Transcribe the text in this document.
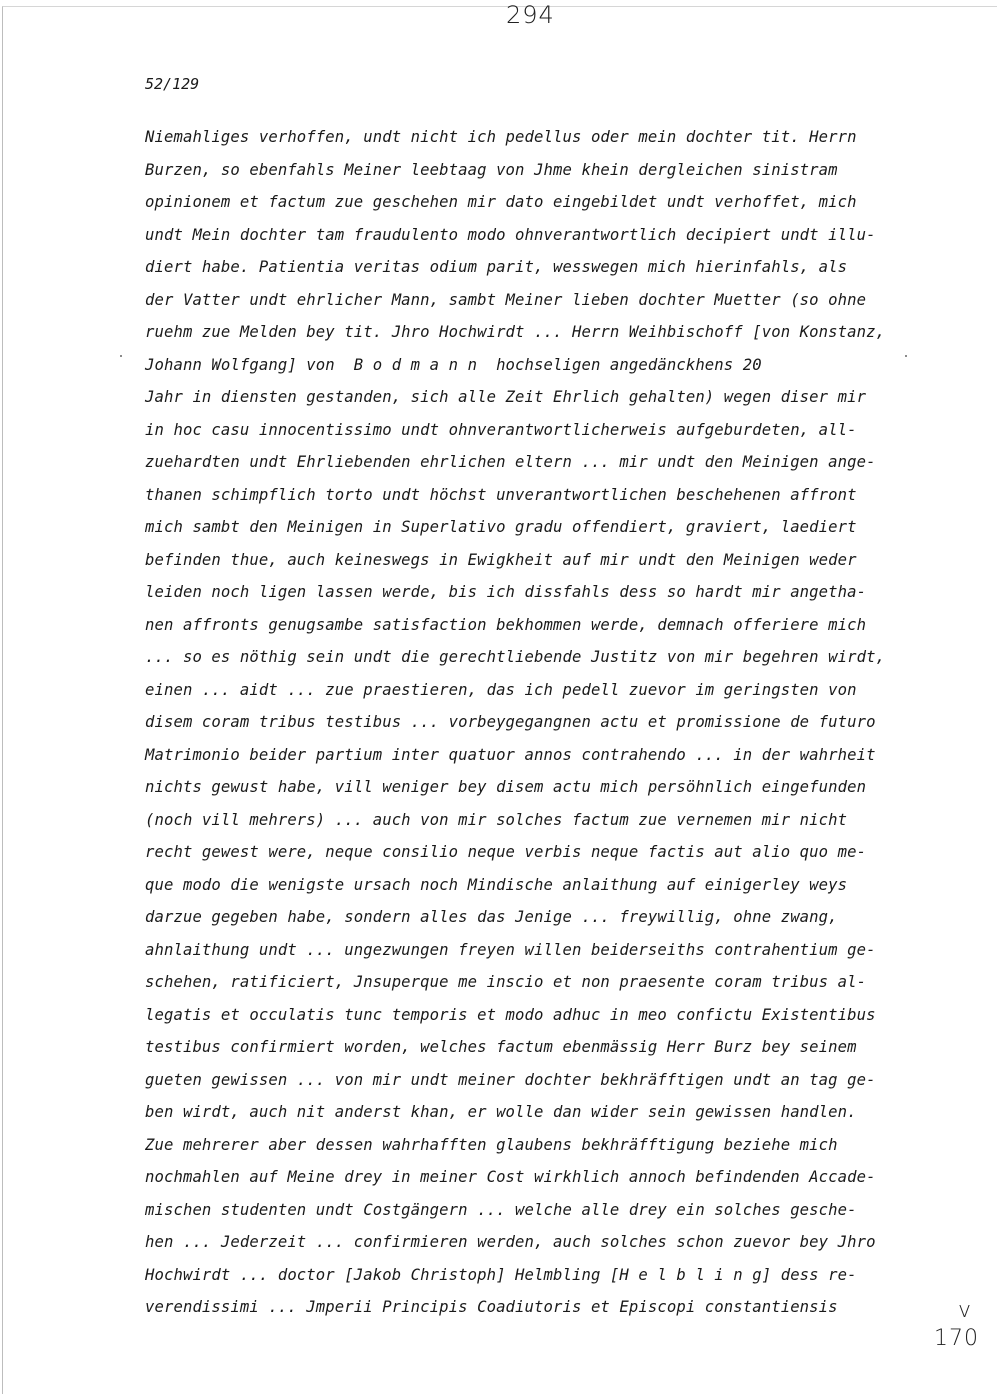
294
52/129
Niemahliges verhoffen, undt nicht ich pedellus oder mein dochter tit. Herrn
Burzen, so ebenfahls Meiner leebtaag von Jhme khein dergleichen sinistram
opinionem et factum zue geschehen mir dato eingebildet undt verhoffet, mich
undt Mein dochter tam fraudulento modo ohnverantwortlich decipiert undt illu-
diert habe. Patientia veritas odium parit, wesswegen mich hierinfahls, als
der Vatter undt ehrlicher Mann, sambt Meiner lieben dochter Muetter (so ohne
ruehm zue Melden bey tit. Jhro Hochwirdt ... Herrn Weihbischoff [von Konstanz,
Johann Wolfgang] von  B o d m a n n  hochseligen angedänckhens 20
Jahr in diensten gestanden, sich alle Zeit Ehrlich gehalten) wegen diser mir
in hoc casu innocentissimo undt ohnverantwortlicherweis aufgeburdeten, all-
zuehardten undt Ehrliebenden ehrlichen eltern ... mir undt den Meinigen ange-
thanen schimpflich torto undt höchst unverantwortlichen beschehenen affront
mich sambt den Meinigen in Superlativo gradu offendiert, graviert, laediert
befinden thue, auch keineswegs in Ewigkheit auf mir undt den Meinigen weder
leiden noch ligen lassen werde, bis ich dissfahls dess so hardt mir angetha-
nen affronts genugsambe satisfaction bekhommen werde, demnach offeriere mich
... so es nöthig sein undt die gerechtliebende Justitz von mir begehren wirdt,
einen ... aidt ... zue praestieren, das ich pedell zuevor im geringsten von
disem coram tribus testibus ... vorbeygegangnen actu et promissione de futuro
Matrimonio beider partium inter quatuor annos contrahendo ... in der wahrheit
nichts gewust habe, vill weniger bey disem actu mich persöhnlich eingefunden
(noch vill mehrers) ... auch von mir solches factum zue vernemen mir nicht
recht gewest were, neque consilio neque verbis neque factis aut alio quo me-
que modo die wenigste ursach noch Mindische anlaithung auf einigerley weys
darzue gegeben habe, sondern alles das Jenige ... freywillig, ohne zwang,
ahnlaithung undt ... ungezwungen freyen willen beiderseiths contrahentium ge-
schehen, ratificiert, Jnsuperque me inscio et non praesente coram tribus al-
legatis et occulatis tunc temporis et modo adhuc in meo confictu Existentibus
testibus confirmiert worden, welches factum ebenmässig Herr Burz bey seinem
gueten gewissen ... von mir undt meiner dochter bekhräfftigen undt an tag ge-
ben wirdt, auch nit anderst khan, er wolle dan wider sein gewissen handlen.
Zue mehrerer aber dessen wahrhafften glaubens bekhräfftigung beziehe mich
nochmahlen auf Meine drey in meiner Cost wirkhlich annoch befindenden Accade-
mischen studenten undt Costgängern ... welche alle drey ein solches gesche-
hen ... Jederzeit ... confirmieren werden, auch solches schon zuevor bey Jhro
Hochwirdt ... doctor [Jakob Christoph] Helmbling [H e l b l i n g] dess re-
verendissimi ... Jmperii Principis Coadiutoris et Episcopi constantiensis	v
170
